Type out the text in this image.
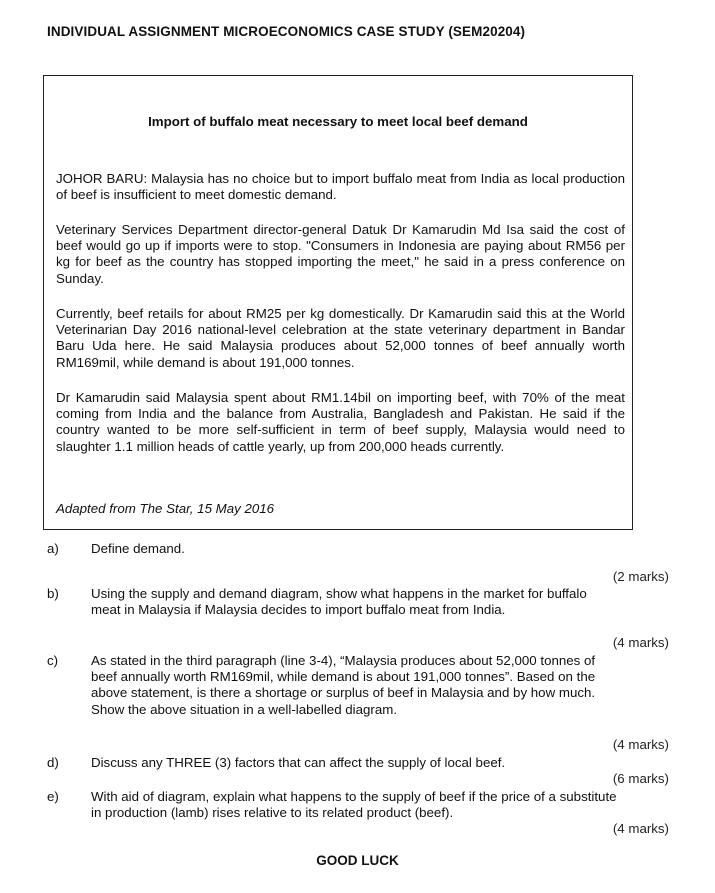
INDIVIDUAL ASSIGNMENT MICROECONOMICS CASE STUDY (SEM20204)
Import of buffalo meat necessary to meet local beef demand

JOHOR BARU: Malaysia has no choice but to import buffalo meat from India as local production of beef is insufficient to meet domestic demand.

Veterinary Services Department director-general Datuk Dr Kamarudin Md Isa said the cost of beef would go up if imports were to stop. "Consumers in Indonesia are paying about RM56 per kg for beef as the country has stopped importing the meet," he said in a press conference on Sunday.

Currently, beef retails for about RM25 per kg domestically. Dr Kamarudin said this at the World Veterinarian Day 2016 national-level celebration at the state veterinary department in Bandar Baru Uda here. He said Malaysia produces about 52,000 tonnes of beef annually worth RM169mil, while demand is about 191,000 tonnes.

Dr Kamarudin said Malaysia spent about RM1.14bil on importing beef, with 70% of the meat coming from India and the balance from Australia, Bangladesh and Pakistan. He said if the country wanted to be more self-sufficient in term of beef supply, Malaysia would need to slaughter 1.1 million heads of cattle yearly, up from 200,000 heads currently.

Adapted from The Star, 15 May 2016
a) Define demand.

(2 marks)
b) Using the supply and demand diagram, show what happens in the market for buffalo meat in Malaysia if Malaysia decides to import buffalo meat from India.

(4 marks)
c) As stated in the third paragraph (line 3-4), “Malaysia produces about 52,000 tonnes of beef annually worth RM169mil, while demand is about 191,000 tonnes”. Based on the above statement, is there a shortage or surplus of beef in Malaysia and by how much. Show the above situation in a well-labelled diagram.

(4 marks)
d) Discuss any THREE (3) factors that can affect the supply of local beef.

(6 marks)
e) With aid of diagram, explain what happens to the supply of beef if the price of a substitute in production (lamb) rises relative to its related product (beef).

(4 marks)
GOOD LUCK
